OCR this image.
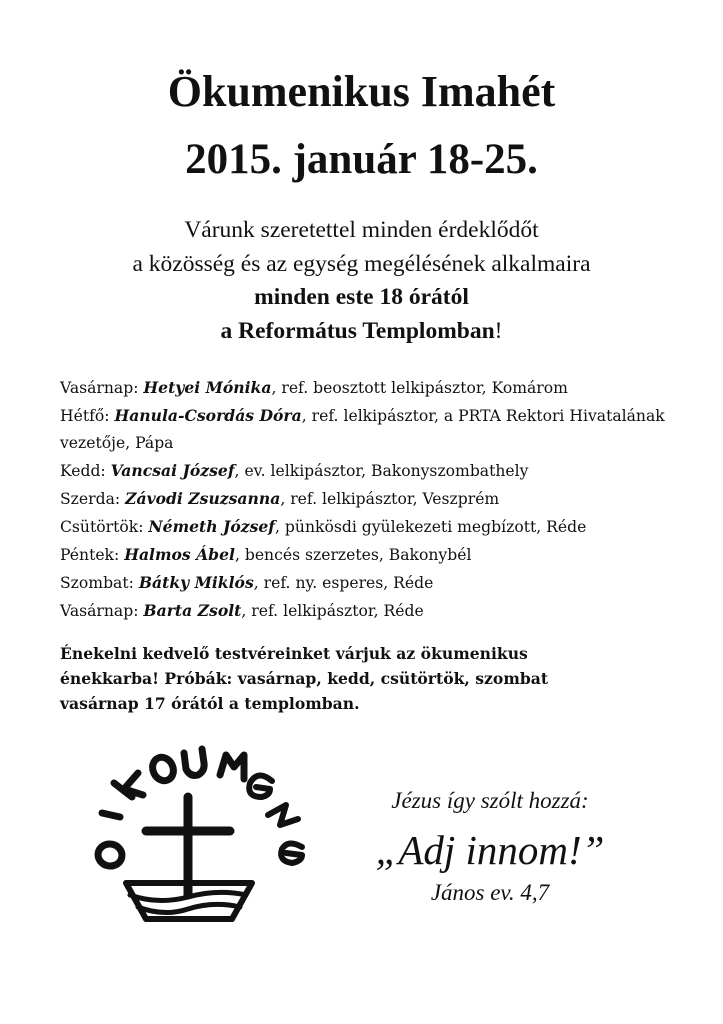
Ökumenikus Imahét
2015. január 18-25.
Várunk szeretettel minden érdeklődőt
a közösség és az egység megélésének alkalmaira
minden este 18 órától
a Református Templomban!
Vasárnap: Hetyei Mónika, ref. beosztott lelkipásztor, Komárom
Hétfő: Hanula-Csordás Dóra, ref. lelkipásztor, a PRTA Rektori Hivatalának vezetője, Pápa
Kedd: Vancsai József, ev. lelkipásztor, Bakonyszombathely
Szerda: Závodi Zsuzsanna, ref. lelkipásztor, Veszprém
Csütörtök: Németh József, pünkösdi gyülekezeti megbízott, Réde
Péntek: Halmos Ábel, bencés szerzetes, Bakonybél
Szombat: Bátky Miklós, ref. ny. esperes, Réde
Vasárnap: Barta Zsolt, ref. lelkipásztor, Réde
Énekelni kedvelő testvéreinket várjuk az ökumenikus
énekkarba! Próbák: vasárnap, kedd, csütörtök, szombat
vasárnap 17 órától a templomban.
Jézus így szólt hozzá:
„Adj innom!”
János ev. 4,7
